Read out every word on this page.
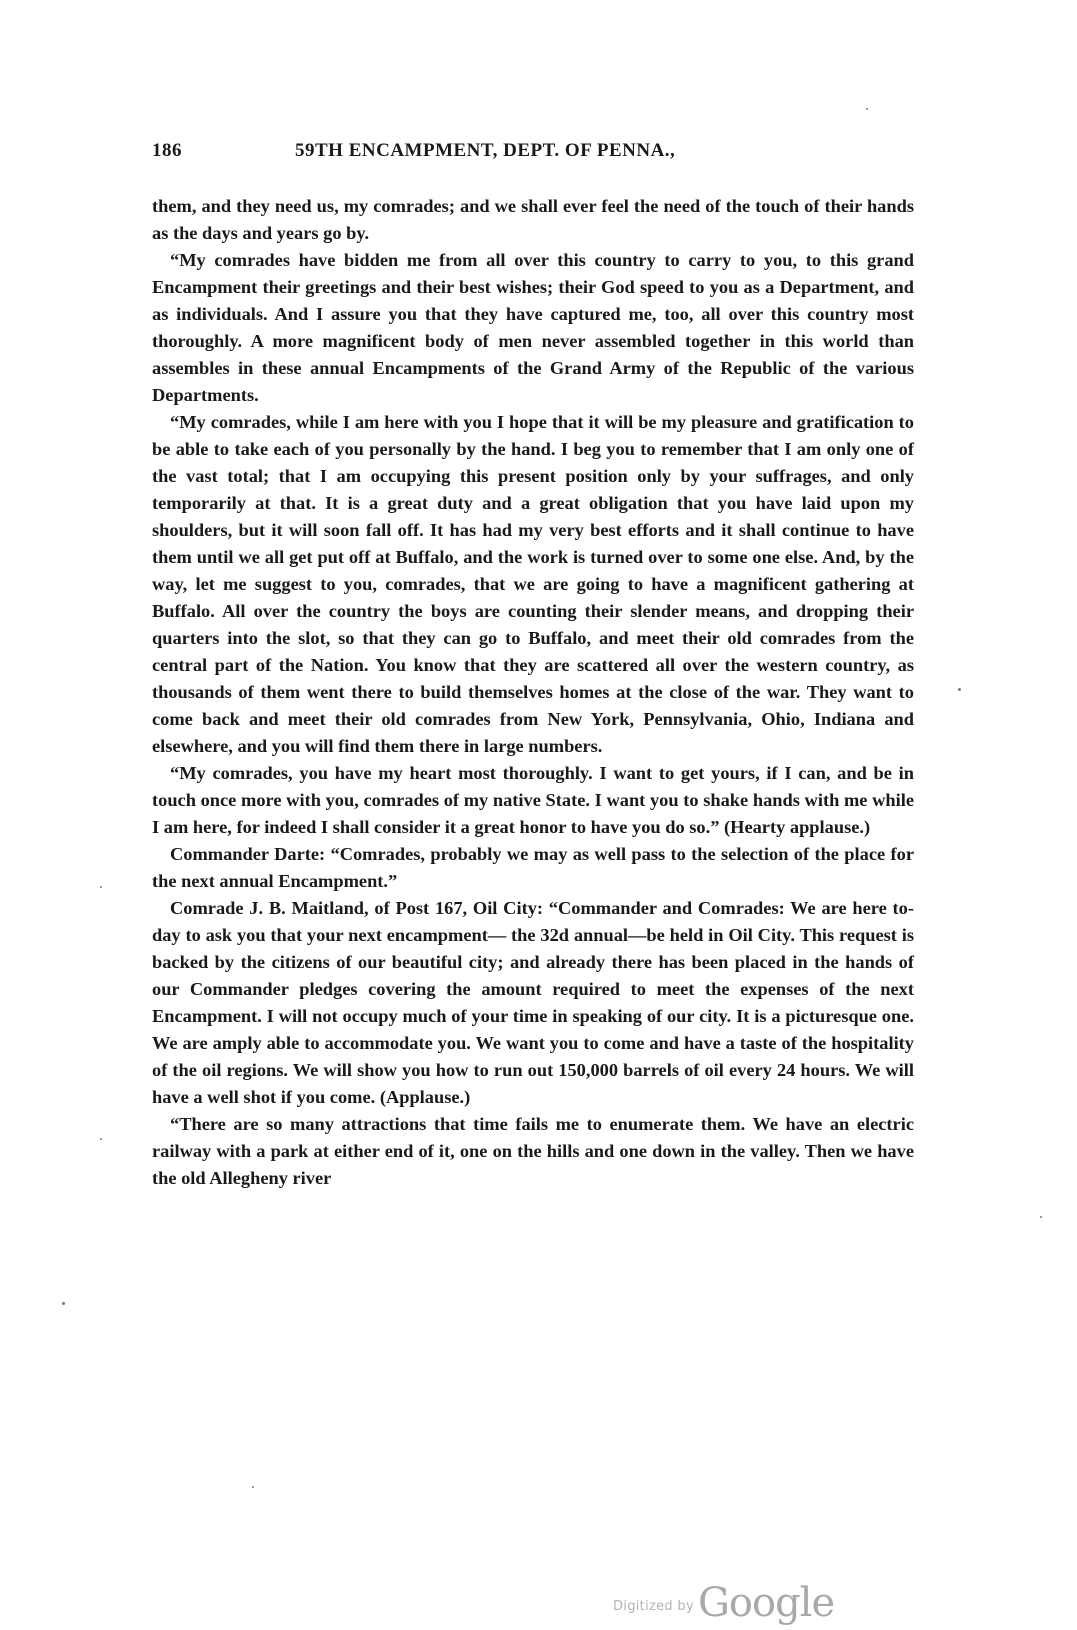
186	59TH ENCAMPMENT, DEPT. OF PENNA.,

them, and they need us, my comrades; and we shall ever feel the need of the touch of their hands as the days and years go by.

“My comrades have bidden me from all over this country to carry to you, to this grand Encampment their greetings and their best wishes; their God speed to you as a Department, and as individuals. And I assure you that they have captured me, too, all over this country most thoroughly. A more magnificent body of men never assembled together in this world than assembles in these annual Encampments of the Grand Army of the Republic of the various Departments.

“My comrades, while I am here with you I hope that it will be my pleasure and gratification to be able to take each of you personally by the hand. I beg you to remember that I am only one of the vast total; that I am occupying this present position only by your suffrages, and only temporarily at that. It is a great duty and a great obligation that you have laid upon my shoulders, but it will soon fall off. It has had my very best efforts and it shall continue to have them until we all get put off at Buffalo, and the work is turned over to some one else. And, by the way, let me suggest to you, comrades, that we are going to have a magnificent gathering at Buffalo. All over the country the boys are counting their slender means, and dropping their quarters into the slot, so that they can go to Buffalo, and meet their old comrades from the central part of the Nation. You know that they are scattered all over the western country, as thousands of them went there to build themselves homes at the close of the war. They want to come back and meet their old comrades from New York, Pennsylvania, Ohio, Indiana and elsewhere, and you will find them there in large numbers.

“My comrades, you have my heart most thoroughly. I want to get yours, if I can, and be in touch once more with you, comrades of my native State. I want you to shake hands with me while I am here, for indeed I shall consider it a great honor to have you do so.” (Hearty applause.)

Commander Darte: “Comrades, probably we may as well pass to the selection of the place for the next annual Encampment.”

Comrade J. B. Maitland, of Post 167, Oil City: “Commander and Comrades: We are here to-day to ask you that your next encampment— the 32d annual—be held in Oil City. This request is backed by the citizens of our beautiful city; and already there has been placed in the hands of our Commander pledges covering the amount required to meet the expenses of the next Encampment. I will not occupy much of your time in speaking of our city. It is a picturesque one. We are amply able to accommodate you. We want you to come and have a taste of the hospitality of the oil regions. We will show you how to run out 150,000 barrels of oil every 24 hours. We will have a well shot if you come. (Applause.)

“There are so many attractions that time fails me to enumerate them. We have an electric railway with a park at either end of it, one on the hills and one down in the valley. Then we have the old Allegheny river

$^{Digitized by}$ Google
